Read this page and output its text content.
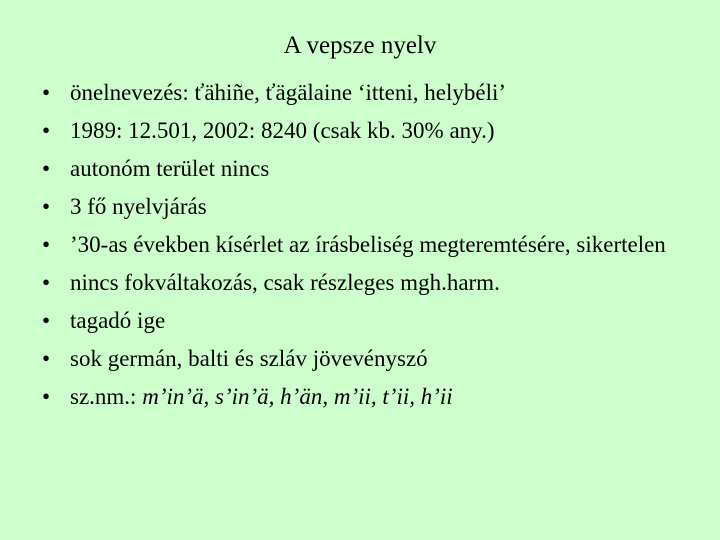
A vepsze nyelv
• önelnevezés: ťähiñe, ťägälaine ‘itteni, helybéli’
• 1989: 12.501, 2002: 8240 (csak kb. 30% any.)
• autonóm terület nincs
• 3 fő nyelvjárás
• ’30-as években kísérlet az írásbeliség megteremtésére, sikertelen
• nincs fokváltakozás, csak részleges mgh.harm.
• tagadó ige
• sok germán, balti és szláv jövevényszó
• sz.nm.: m’in’ä, s’in’ä, h’än, m’ii, t’ii, h’ii
